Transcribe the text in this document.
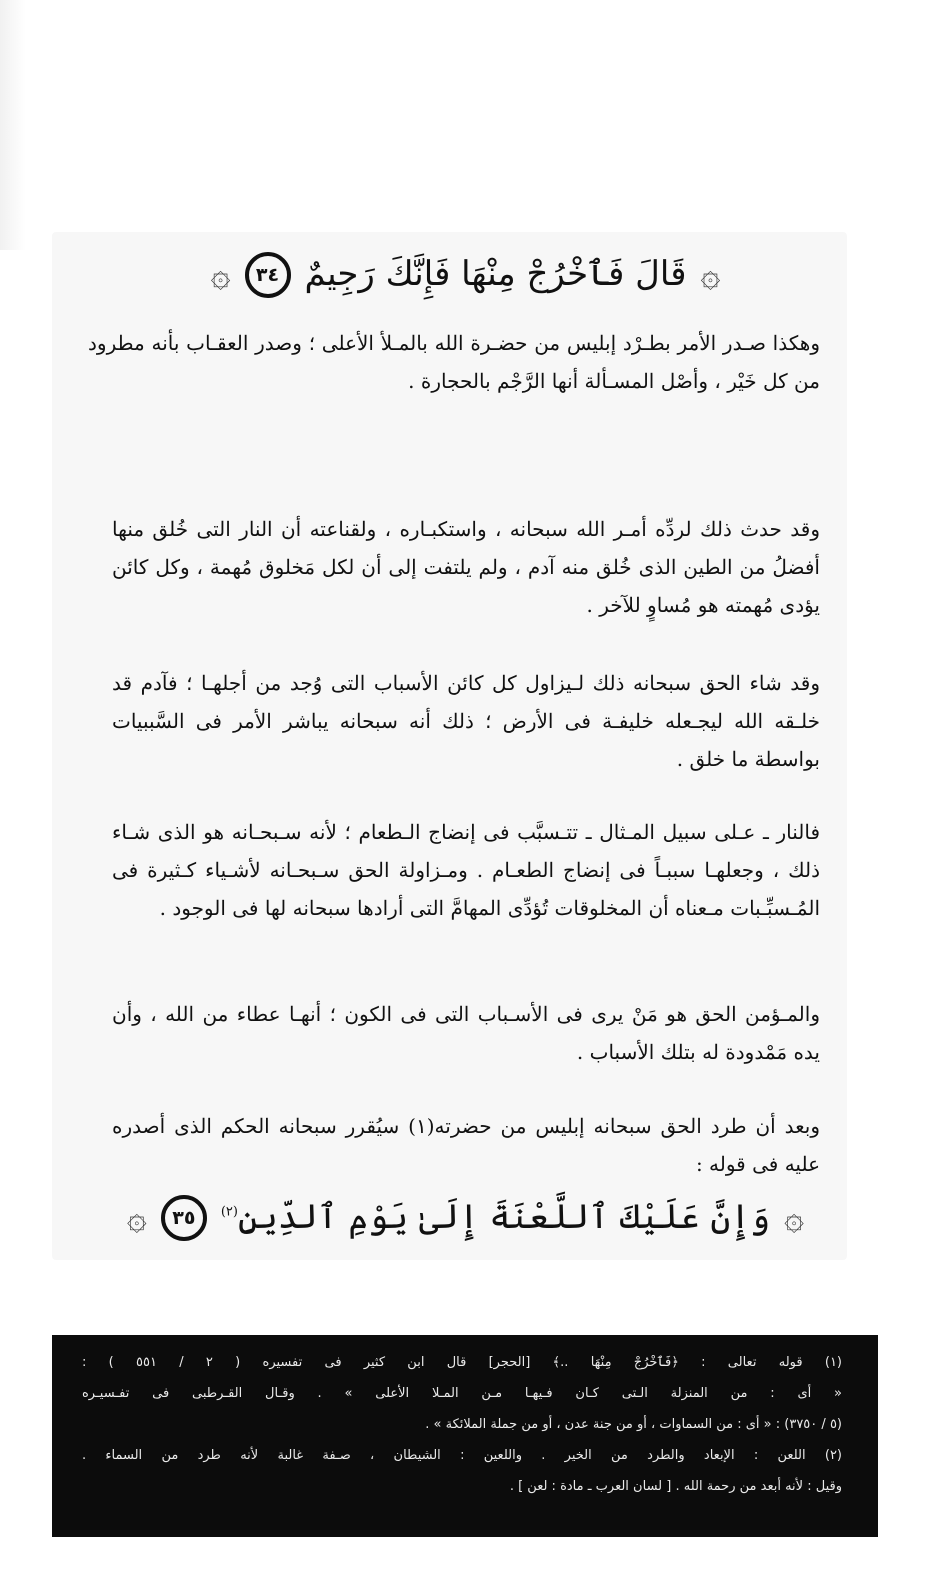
۞
قَالَ فَٱخْرُجْ مِنْهَا فَإِنَّكَ رَجِيمٌ
٣٤
۞

وهكذا صـدر الأمر بطـرْد إبليس من حضـرة الله بالمـلأ الأعلى ؛ وصدر العقـاب بأنه مطرود من كل خَيْر ، وأصْل المسـألة أنها الرَّجْم بالحجارة .

وقد حدث ذلك لردِّه أمـر الله سبحانه ، واستكبـاره ، ولقناعته أن النار التى خُلق منها أفضلُ من الطين الذى خُلق منه آدم ، ولم يلتفت إلى أن لكل مَخلوق مُهمة ، وكل كائن يؤدى مُهمته هو مُساوٍ للآخر .

وقد شاء الحق سبحانه ذلك لـيزاول كل كائن الأسباب التى وُجد من أجلهـا ؛ فآدم قد خلـقه الله ليجـعله خليفـة فى الأرض ؛ ذلك أنه سبحانه يباشر الأمر فى السَّببيات بواسطة ما خلق .

فالنار ـ عـلى سبيل المـثال ـ تتـسبَّب فى إنضاج الـطعام ؛ لأنه سـبحـانه هو الذى شـاء ذلك ، وجعلهـا سببـاً فى إنضاج الطعـام . ومـزاولة الحق سـبحـانه لأشـياء كـثيرة فى المُـسبِّـبات مـعناه أن المخلوقات تُؤدِّى المهامَّ التى أرادها سبحانه لها فى الوجود .

والمـؤمن الحق هو مَنْ يرى فى الأسـباب التى فى الكون ؛ أنهـا عطاء من الله ، وأن يده مَمْدودة له بتلك الأسباب .

وبعد أن طرد الحق سبحانه إبليس من حضرته(١) سيُقرر سبحانه الحكم الذى أصدره عليه فى قوله :

۞
وَإِنَّ عَلَيْكَ ٱللَّعْنَةَ إِلَىٰ يَوْمِ ٱلدِّينِ$^{(٢)}$
٣٥
۞
(١) قوله تعالى : ﴿فَٱخْرُجْ مِنْهَا ..﴾ [الحجر] قال ابن كثير فى تفسيره ( ٢ / ٥٥١ ) :
« أى : من المنزلة الـتى كـان فـيهـا مـن المـلا الأعلى » . وقـال القـرطبى فى تفـسيـره
(٥ / ٣٧٥٠) : « أى : من السماوات ، أو من جنة عدن ، أو من جملة الملائكة » .
(٢) اللعن : الإبعاد والطرد من الخير . واللعين : الشيطان ، صـفة غالبة لأنه طرد من السماء .
وقيل : لأنه أبعد من رحمة الله . [ لسان العرب ـ مادة : لعن ] .
